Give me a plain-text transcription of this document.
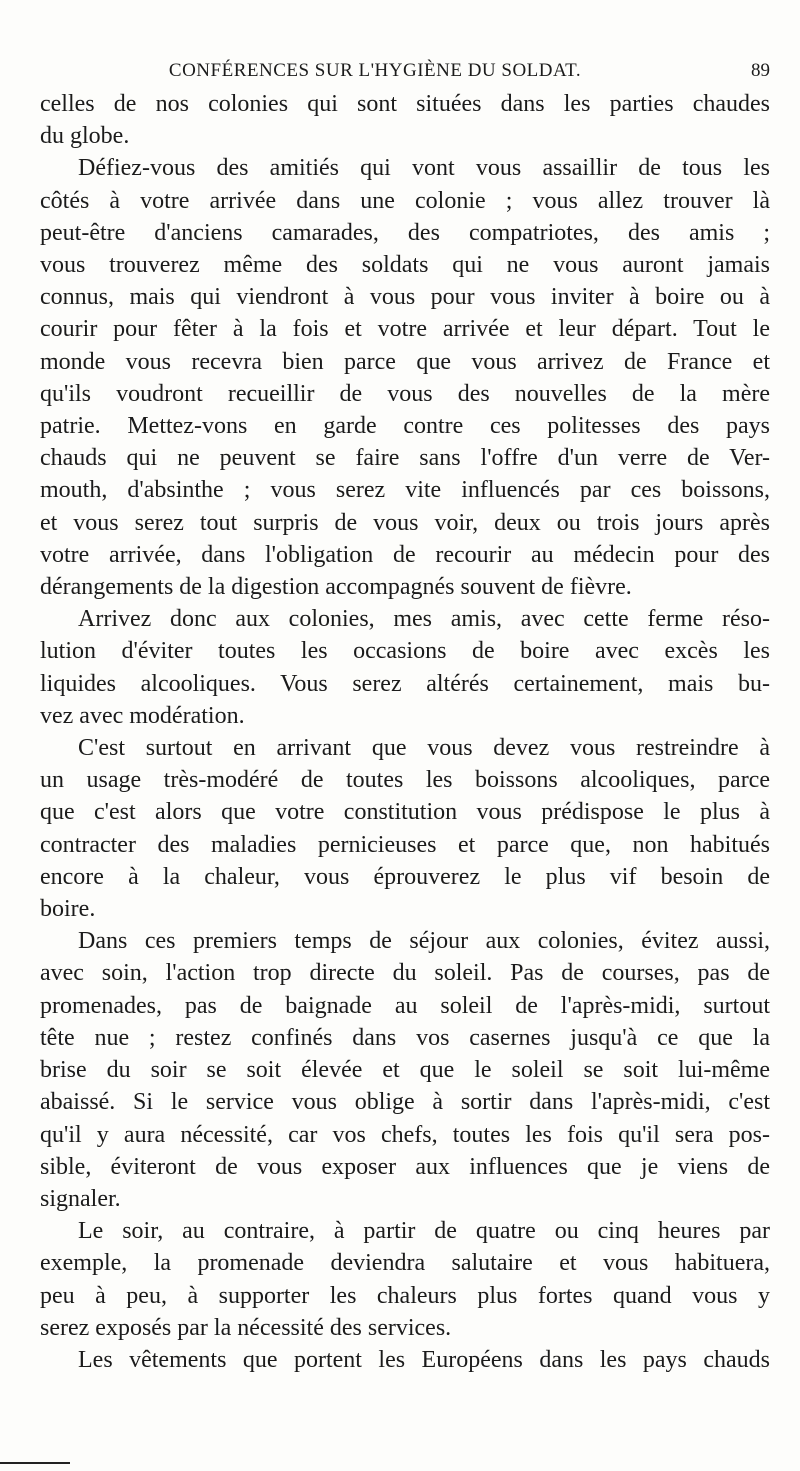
CONFÉRENCES SUR L'HYGIÈNE DU SOLDAT.	89

celles de nos colonies qui sont situées dans les parties chaudes
du globe.

Défiez-vous des amitiés qui vont vous assaillir de tous les
côtés à votre arrivée dans une colonie ; vous allez trouver là
peut-être d'anciens camarades, des compatriotes, des amis ;
vous trouverez même des soldats qui ne vous auront jamais
connus, mais qui viendront à vous pour vous inviter à boire ou à
courir pour fêter à la fois et votre arrivée et leur départ. Tout le
monde vous recevra bien parce que vous arrivez de France et
qu'ils voudront recueillir de vous des nouvelles de la mère
patrie. Mettez-vons en garde contre ces politesses des pays
chauds qui ne peuvent se faire sans l'offre d'un verre de Ver-
mouth, d'absinthe ; vous serez vite influencés par ces boissons,
et vous serez tout surpris de vous voir, deux ou trois jours après
votre arrivée, dans l'obligation de recourir au médecin pour des
dérangements de la digestion accompagnés souvent de fièvre.

Arrivez donc aux colonies, mes amis, avec cette ferme réso-
lution d'éviter toutes les occasions de boire avec excès les
liquides alcooliques. Vous serez altérés certainement, mais bu-
vez avec modération.

C'est surtout en arrivant que vous devez vous restreindre à
un usage très-modéré de toutes les boissons alcooliques, parce
que c'est alors que votre constitution vous prédispose le plus à
contracter des maladies pernicieuses et parce que, non habitués
encore à la chaleur, vous éprouverez le plus vif besoin de
boire.

Dans ces premiers temps de séjour aux colonies, évitez aussi,
avec soin, l'action trop directe du soleil. Pas de courses, pas de
promenades, pas de baignade au soleil de l'après-midi, surtout
tête nue ; restez confinés dans vos casernes jusqu'à ce que la
brise du soir se soit élevée et que le soleil se soit lui-même
abaissé. Si le service vous oblige à sortir dans l'après-midi, c'est
qu'il y aura nécessité, car vos chefs, toutes les fois qu'il sera pos-
sible, éviteront de vous exposer aux influences que je viens de
signaler.

Le soir, au contraire, à partir de quatre ou cinq heures par
exemple, la promenade deviendra salutaire et vous habituera,
peu à peu, à supporter les chaleurs plus fortes quand vous y
serez exposés par la nécessité des services.

Les vêtements que portent les Européens dans les pays chauds
